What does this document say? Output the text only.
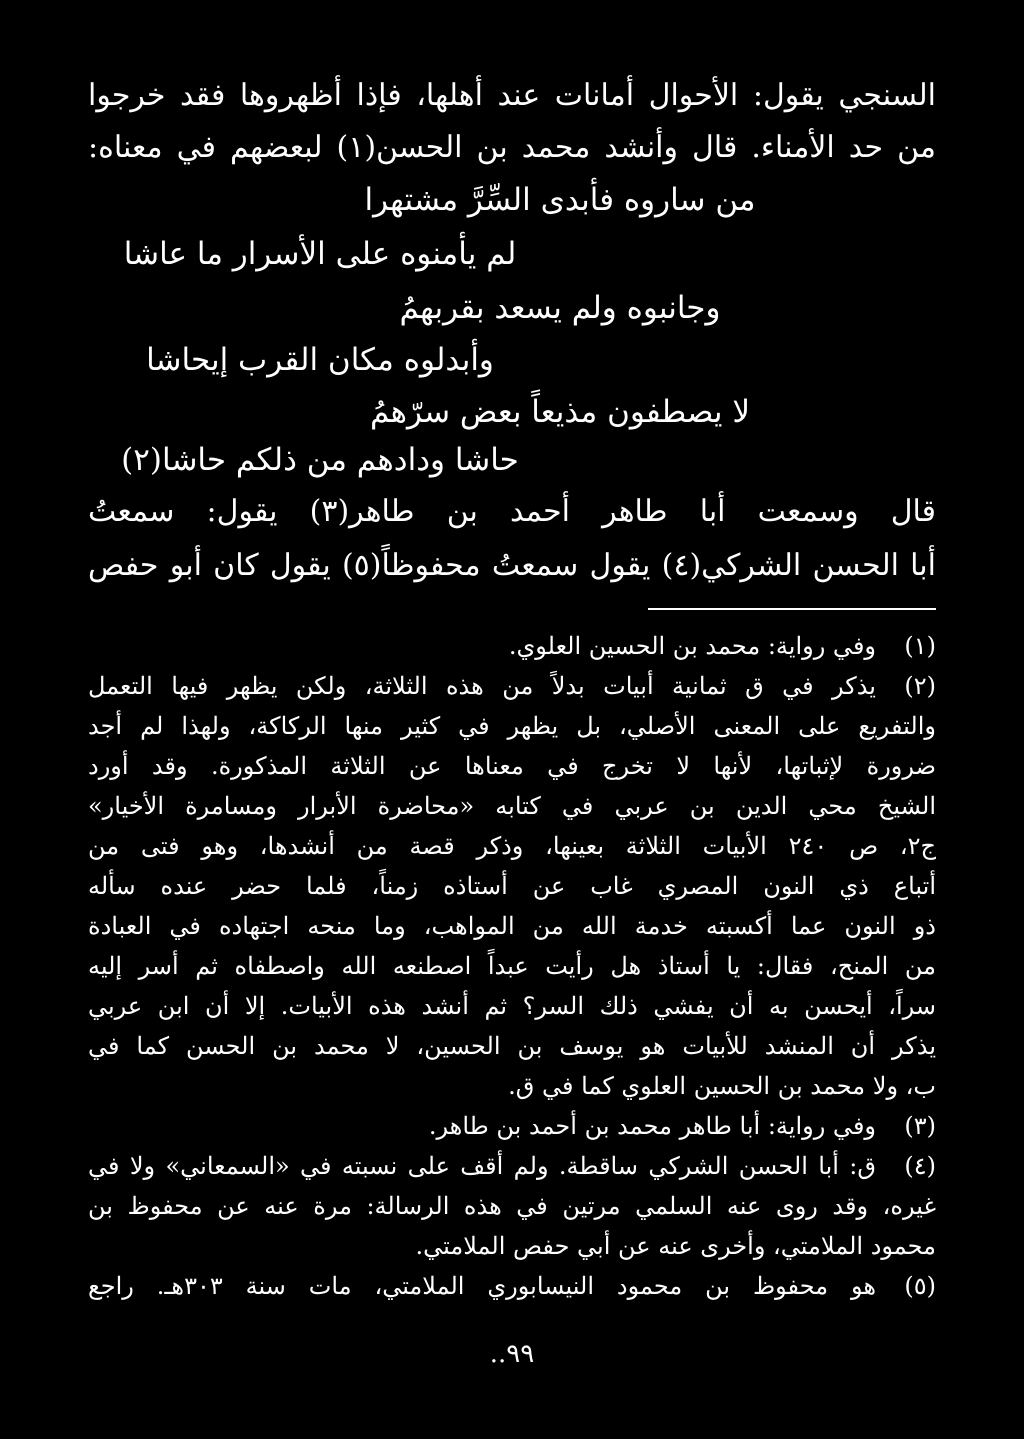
السنجي يقول: الأحوال أمانات عند أهلها، فإذا أظهروها فقد خرجوا
من حد الأمناء. قال وأنشد محمد بن الحسن(١) لبعضهم في معناه:
من ساروه فأبدى السِّرَّ مشتهرا
لم يأمنوه على الأسرار ما عاشا
وجانبوه ولم يسعد بقربهمُ
وأبدلوه مكان القرب إيحاشا
لا يصطفون مذيعاً بعض سرّهمُ
حاشا ودادهم من ذلكم حاشا(٢)
قال وسمعت أبا طاهر أحمد بن طاهر(٣) يقول: سمعتُ
أبا الحسن الشركي(٤) يقول سمعتُ محفوظاً(٥) يقول كان أبو حفص
(١)
وفي رواية: محمد بن الحسين العلوي.
(٢)
يذكر في ق ثمانية أبيات بدلاً من هذه الثلاثة، ولكن يظهر فيها التعمل
والتفريع على المعنى الأصلي، بل يظهر في كثير منها الركاكة، ولهذا لم أجد
ضرورة لإثباتها، لأنها لا تخرج في معناها عن الثلاثة المذكورة. وقد أورد
الشيخ محي الدين بن عربي في كتابه «محاضرة الأبرار ومسامرة الأخيار»
ج٢، ص ٢٤٠ الأبيات الثلاثة بعينها، وذكر قصة من أنشدها، وهو فتى من
أتباع ذي النون المصري غاب عن أستاذه زمناً، فلما حضر عنده سأله
ذو النون عما أكسبته خدمة الله من المواهب، وما منحه اجتهاده في العبادة
من المنح، فقال: يا أستاذ هل رأيت عبداً اصطنعه الله واصطفاه ثم أسر إليه
سراً، أيحسن به أن يفشي ذلك السر؟ ثم أنشد هذه الأبيات. إلا أن ابن عربي
يذكر أن المنشد للأبيات هو يوسف بن الحسين، لا محمد بن الحسن كما في
ب، ولا محمد بن الحسين العلوي كما في ق.
(٣)
وفي رواية: أبا طاهر محمد بن أحمد بن طاهر.
(٤)
ق: أبا الحسن الشركي ساقطة. ولم أقف على نسبته في «السمعاني» ولا في
غيره، وقد روى عنه السلمي مرتين في هذه الرسالة: مرة عنه عن محفوظ بن
محمود الملامتي، وأخرى عنه عن أبي حفص الملامتي.
(٥)
هو محفوظ بن محمود النيسابوري الملامتي، مات سنة ٣٠٣هـ. راجع
٩٩..
